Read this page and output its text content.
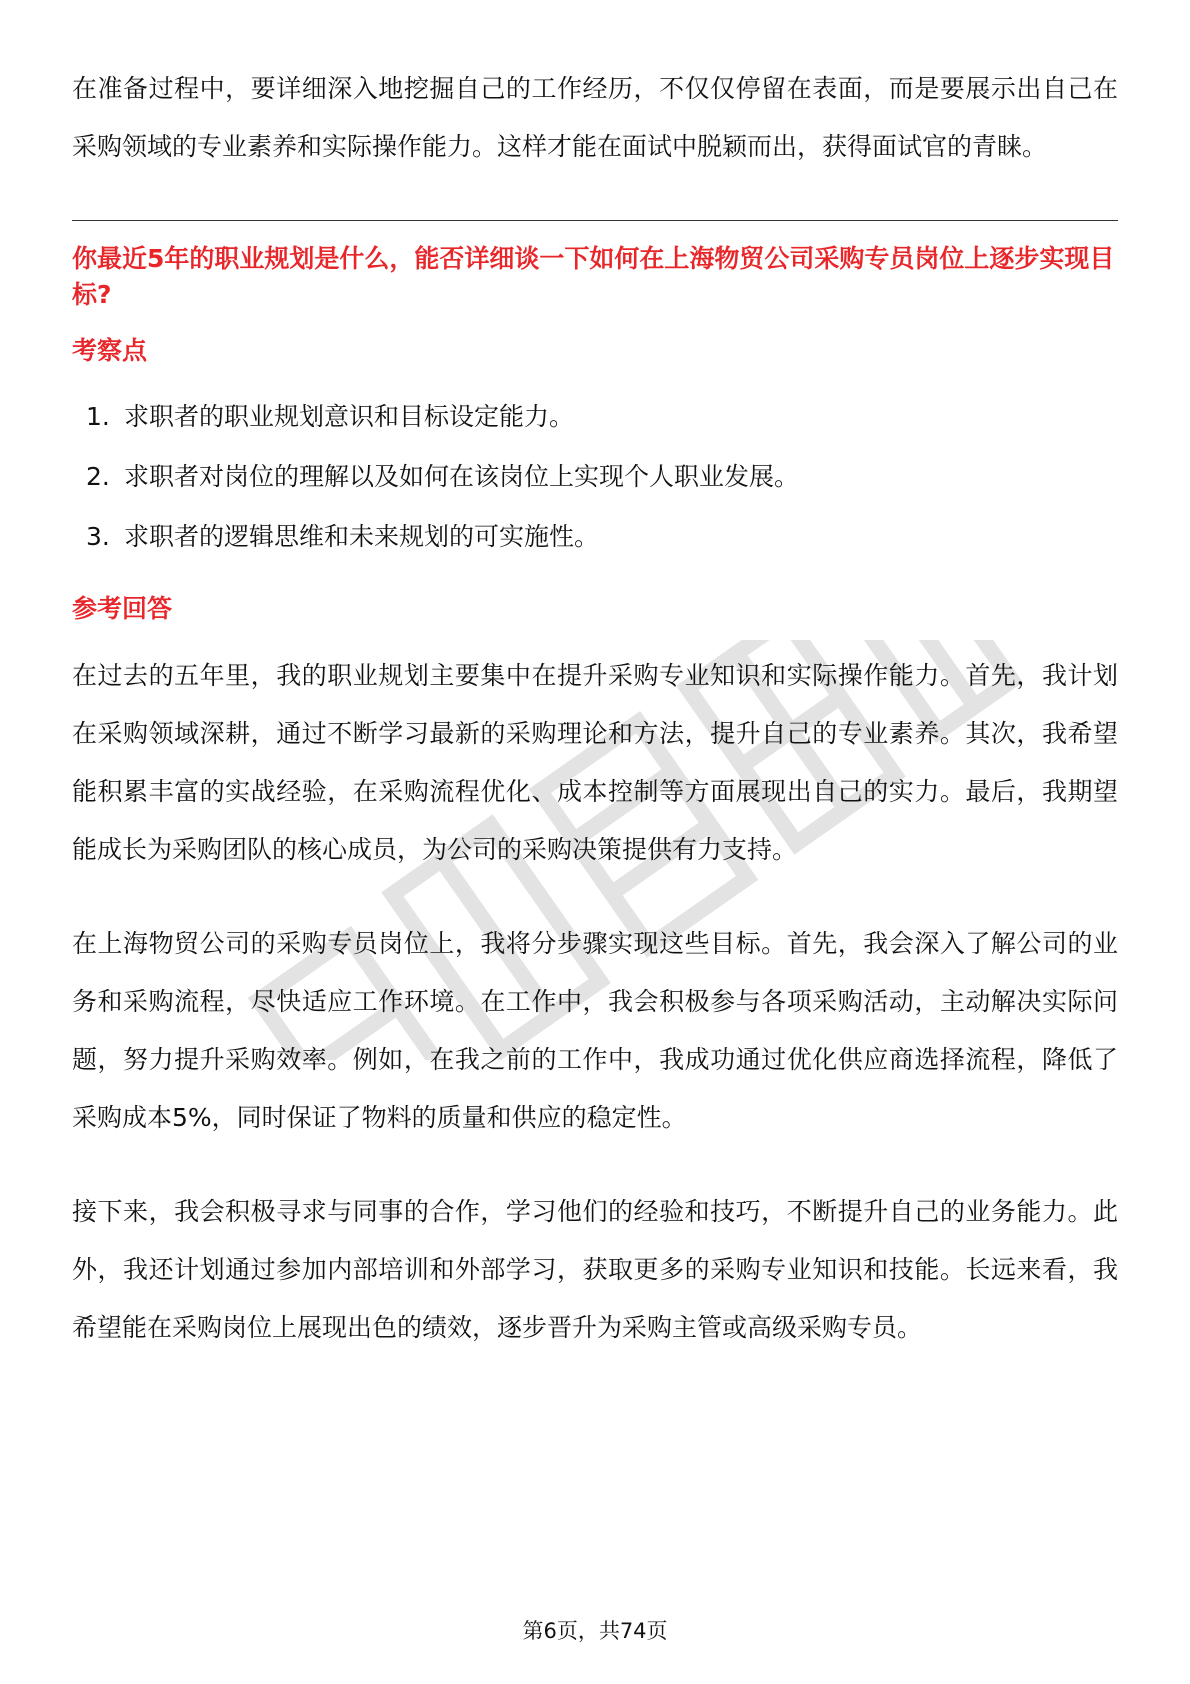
在准备过程中，要详细深入地挖掘自己的工作经历，不仅仅停留在表面，而是要展示出自己在采购领域的专业素养和实际操作能力。这样才能在面试中脱颖而出，获得面试官的青睐。

你最近5年的职业规划是什么，能否详细谈一下如何在上海物贸公司采购专员岗位上逐步实现目标?
考察点
1. 求职者的职业规划意识和目标设定能力。
2. 求职者对岗位的理解以及如何在该岗位上实现个人职业发展。
3. 求职者的逻辑思维和未来规划的可实施性。
参考回答

在过去的五年里，我的职业规划主要集中在提升采购专业知识和实际操作能力。首先，我计划在采购领域深耕，通过不断学习最新的采购理论和方法，提升自己的专业素养。其次，我希望能积累丰富的实战经验，在采购流程优化、成本控制等方面展现出自己的实力。最后，我期望能成长为采购团队的核心成员，为公司的采购决策提供有力支持。

在上海物贸公司的采购专员岗位上，我将分步骤实现这些目标。首先，我会深入了解公司的业务和采购流程，尽快适应工作环境。在工作中，我会积极参与各项采购活动，主动解决实际问题，努力提升采购效率。例如，在我之前的工作中，我成功通过优化供应商选择流程，降低了采购成本5%，同时保证了物料的质量和供应的稳定性。

接下来，我会积极寻求与同事的合作，学习他们的经验和技巧，不断提升自己的业务能力。此外，我还计划通过参加内部培训和外部学习，获取更多的采购专业知识和技能。长远来看，我希望能在采购岗位上展现出色的绩效，逐步晋升为采购主管或高级采购专员。

第6页，共74页
